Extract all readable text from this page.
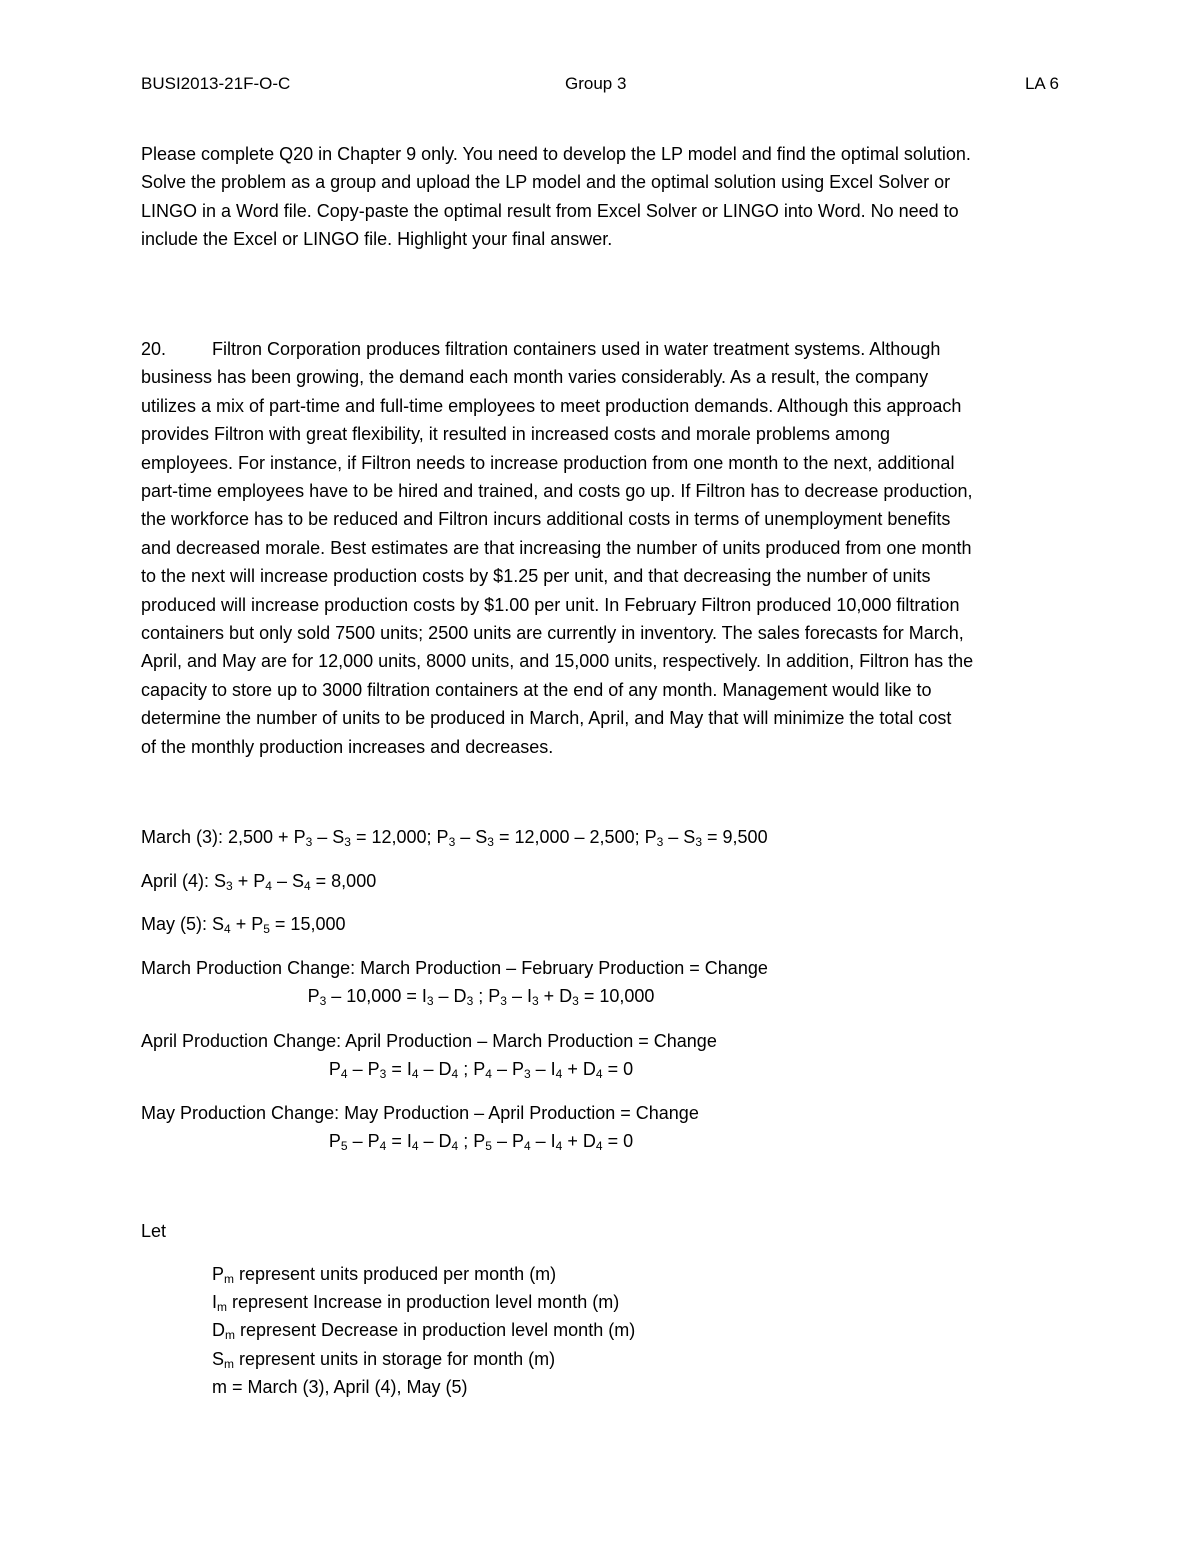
BUSI2013-21F-O-C	Group 3	LA 6

Please complete Q20 in Chapter 9 only. You need to develop the LP model and find the optimal solution.
Solve the problem as a group and upload the LP model and the optimal solution using Excel Solver or
LINGO in a Word file. Copy-paste the optimal result from Excel Solver or LINGO into Word. No need to
include the Excel or LINGO file. Highlight your final answer.

20.	Filtron Corporation produces filtration containers used in water treatment systems. Although
business has been growing, the demand each month varies considerably. As a result, the company
utilizes a mix of part-time and full-time employees to meet production demands. Although this approach
provides Filtron with great flexibility, it resulted in increased costs and morale problems among
employees. For instance, if Filtron needs to increase production from one month to the next, additional
part-time employees have to be hired and trained, and costs go up. If Filtron has to decrease production,
the workforce has to be reduced and Filtron incurs additional costs in terms of unemployment benefits
and decreased morale. Best estimates are that increasing the number of units produced from one month
to the next will increase production costs by $1.25 per unit, and that decreasing the number of units
produced will increase production costs by $1.00 per unit. In February Filtron produced 10,000 filtration
containers but only sold 7500 units; 2500 units are currently in inventory. The sales forecasts for March,
April, and May are for 12,000 units, 8000 units, and 15,000 units, respectively. In addition, Filtron has the
capacity to store up to 3000 filtration containers at the end of any month. Management would like to
determine the number of units to be produced in March, April, and May that will minimize the total cost
of the monthly production increases and decreases.

March (3): $2,500 + P_3 - S_3 = 12,000$; $P_3 - S_3 = 12,000 - 2,500$; $P_3 - S_3 = 9,500$
April (4): $S_3 + P_4 - S_4 = 8,000$
May (5): $S_4 + P_5 = 15,000$
March Production Change: March Production – February Production = Change
$P_3 - 10,000 = I_3 - D_3$ ; $P_3 - I_3 + D_3 = 10,000$
April Production Change: April Production – March Production = Change
$P_4 - P_3 = I_4 - D_4$ ; $P_4 - P_3 - I_4 + D_4 = 0$
May Production Change: May Production – April Production = Change
$P_5 - P_4 = I_4 - D_4$ ; $P_5 - P_4 - I_4 + D_4 = 0$
Let
$P_m$ represent units produced per month (m)
$I_m$ represent Increase in production level month (m)
$D_m$ represent Decrease in production level month (m)
$S_m$ represent units in storage for month (m)
m = March (3), April (4), May (5)
